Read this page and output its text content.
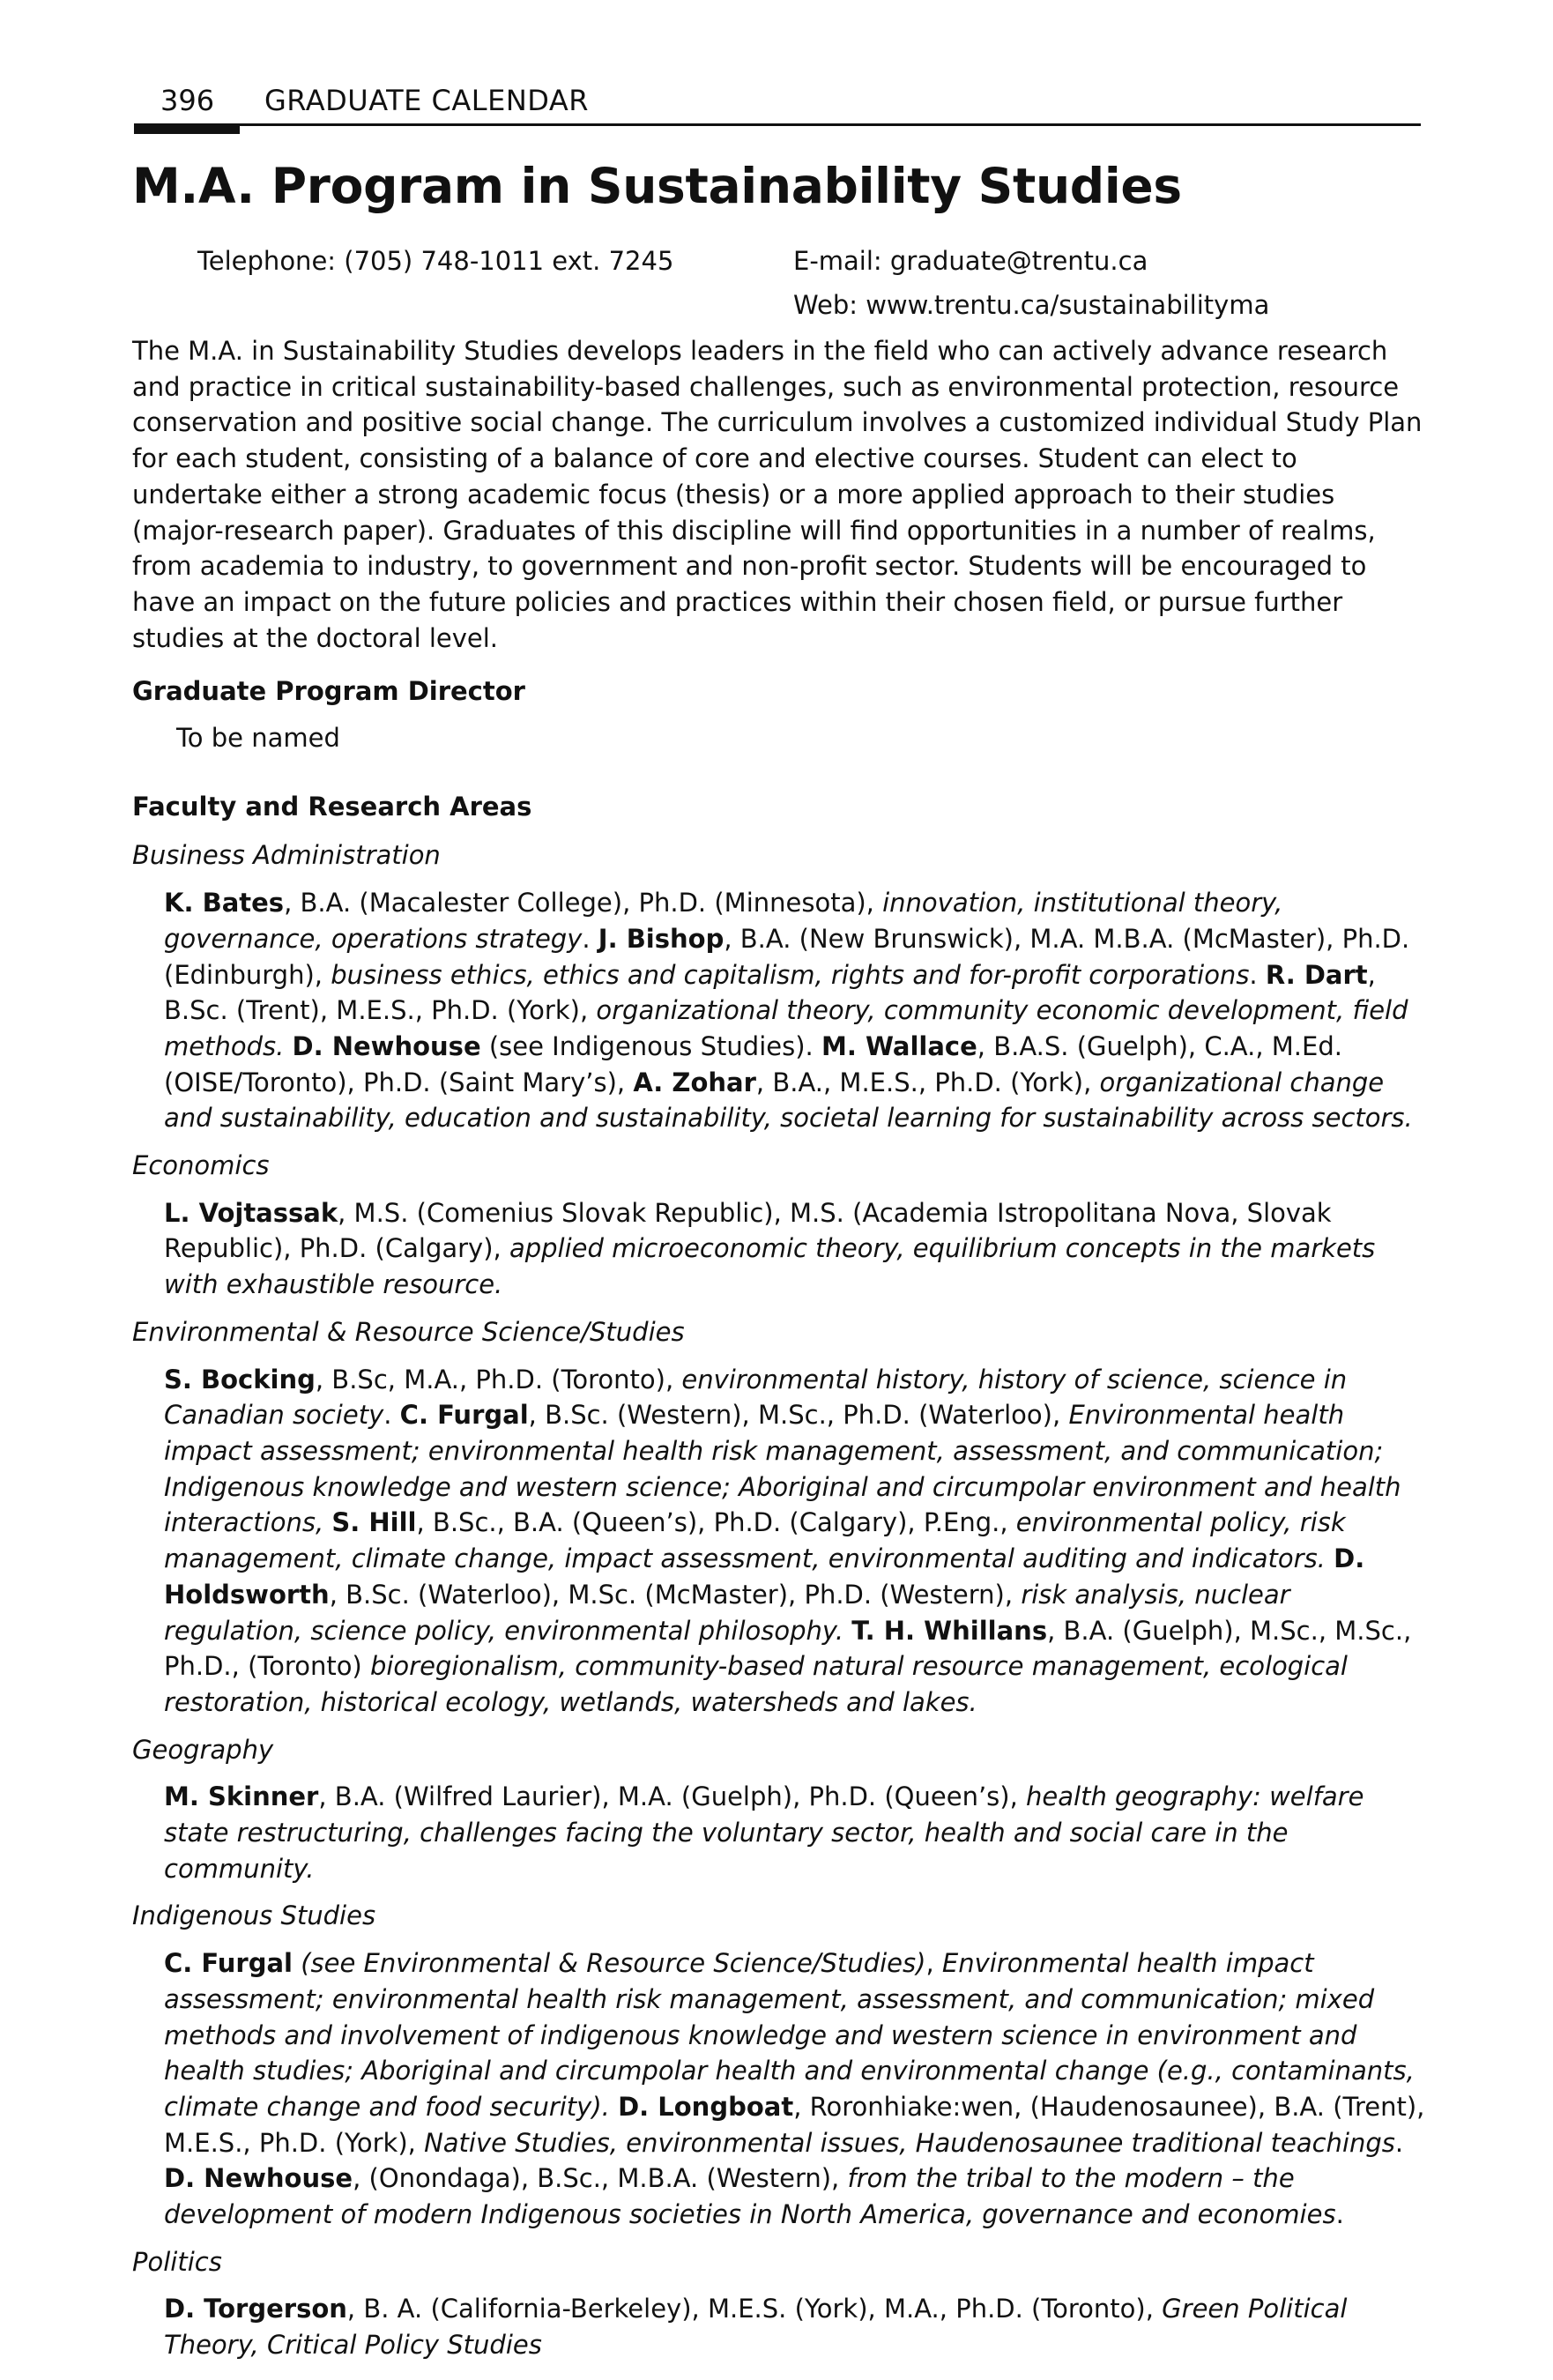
396 GRADUATE CALENDAR
M.A. Program in Sustainability Studies
Telephone: (705) 748-1011 ext. 7245	E-mail: graduate@trentu.ca
Web: www.trentu.ca/sustainabilityma

The M.A. in Sustainability Studies develops leaders in the field who can actively advance research and practice in critical sustainability-based challenges, such as environmental protection, resource conservation and positive social change. The curriculum involves a customized individual Study Plan for each student, consisting of a balance of core and elective courses. Student can elect to undertake either a strong academic focus (thesis) or a more applied approach to their studies (major-research paper). Graduates of this discipline will find opportunities in a number of realms, from academia to industry, to government and non-profit sector. Students will be encouraged to have an impact on the future policies and practices within their chosen field, or pursue further studies at the doctoral level.

Graduate Program Director

To be named

Faculty and Research Areas

Business Administration

K. Bates, B.A. (Macalester College), Ph.D. (Minnesota), innovation, institutional theory, governance, operations strategy. J. Bishop, B.A. (New Brunswick), M.A. M.B.A. (McMaster), Ph.D. (Edinburgh), business ethics, ethics and capitalism, rights and for-profit corporations. R. Dart, B.Sc. (Trent), M.E.S., Ph.D. (York), organizational theory, community economic development, field methods. D. Newhouse (see Indigenous Studies). M. Wallace, B.A.S. (Guelph), C.A., M.Ed. (OISE/Toronto), Ph.D. (Saint Mary’s), A. Zohar, B.A., M.E.S., Ph.D. (York), organizational change and sustainability, education and sustainability, societal learning for sustainability across sectors.

Economics

L. Vojtassak, M.S. (Comenius Slovak Republic), M.S. (Academia Istropolitana Nova, Slovak Republic), Ph.D. (Calgary), applied microeconomic theory, equilibrium concepts in the markets with exhaustible resource.

Environmental & Resource Science/Studies

S. Bocking, B.Sc, M.A., Ph.D. (Toronto), environmental history, history of science, science in Canadian society. C. Furgal, B.Sc. (Western), M.Sc., Ph.D. (Waterloo), Environmental health impact assessment; environmental health risk management, assessment, and communication; Indigenous knowledge and western science; Aboriginal and circumpolar environment and health interactions, S. Hill, B.Sc., B.A. (Queen’s), Ph.D. (Calgary), P.Eng., environmental policy, risk management, climate change, impact assessment, environmental auditing and indicators. D. Holdsworth, B.Sc. (Waterloo), M.Sc. (McMaster), Ph.D. (Western), risk analysis, nuclear regulation, science policy, environmental philosophy. T. H. Whillans, B.A. (Guelph), M.Sc., M.Sc., Ph.D., (Toronto) bioregionalism, community-based natural resource management, ecological restoration, historical ecology, wetlands, watersheds and lakes.

Geography

M. Skinner, B.A. (Wilfred Laurier), M.A. (Guelph), Ph.D. (Queen’s), health geography: welfare state restructuring, challenges facing the voluntary sector, health and social care in the community.

Indigenous Studies

C. Furgal (see Environmental & Resource Science/Studies), Environmental health impact assessment; environmental health risk management, assessment, and communication; mixed methods and involvement of indigenous knowledge and western science in environment and health studies; Aboriginal and circumpolar health and environmental change (e.g., contaminants, climate change and food security). D. Longboat, Roronhiake:wen, (Haudenosaunee), B.A. (Trent), M.E.S., Ph.D. (York), Native Studies, environmental issues, Haudenosaunee traditional teachings. D. Newhouse, (Onondaga), B.Sc., M.B.A. (Western), from the tribal to the modern – the development of modern Indigenous societies in North America, governance and economies.

Politics

D. Torgerson, B. A. (California-Berkeley), M.E.S. (York), M.A., Ph.D. (Toronto), Green Political Theory, Critical Policy Studies
